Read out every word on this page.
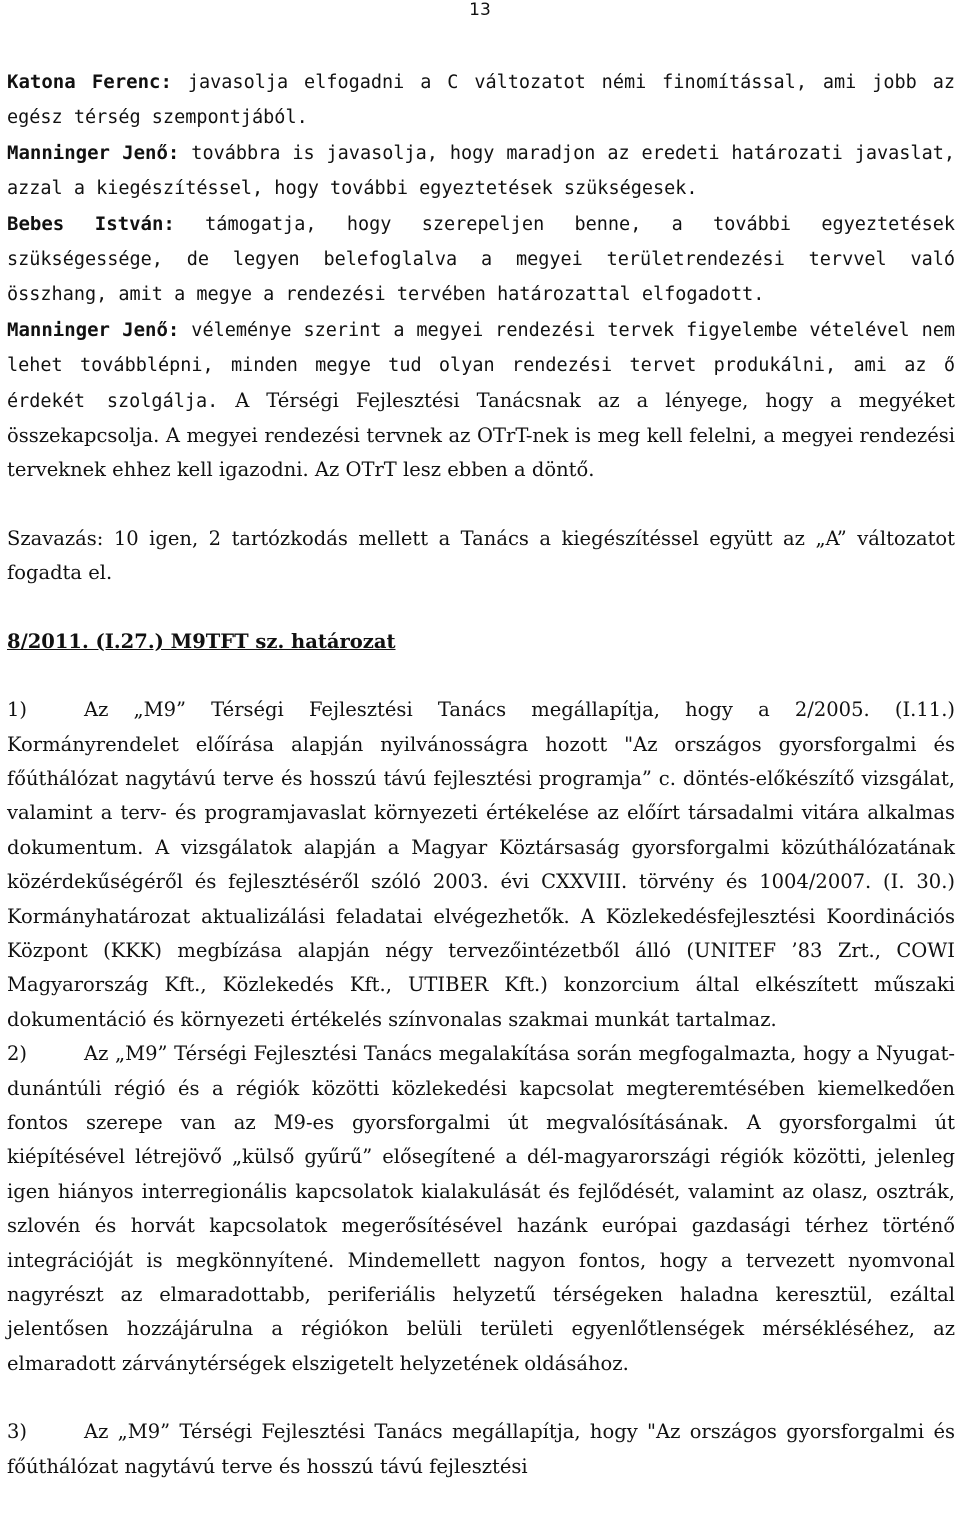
13

Katona Ferenc: javasolja elfogadni a C változatot némi finomítással, ami jobb az egész térség szempontjából.

Manninger Jenő: továbbra is javasolja, hogy maradjon az eredeti határozati javaslat, azzal a kiegészítéssel, hogy további egyeztetések szükségesek.

Bebes István: támogatja, hogy szerepeljen benne, a további egyeztetések szükségessége, de legyen belefoglalva a megyei területrendezési tervvel való összhang, amit a megye a rendezési tervében határozattal elfogadott.

Manninger Jenő: véleménye szerint a megyei rendezési tervek figyelembe vételével nem lehet továbblépni, minden megye tud olyan rendezési tervet produkálni, ami az ő érdekét szolgálja. A Térségi Fejlesztési Tanácsnak az a lényege, hogy a megyéket összekapcsolja. A megyei rendezési tervnek az OTrT-nek is meg kell felelni, a megyei rendezési terveknek ehhez kell igazodni. Az OTrT lesz ebben a döntő.

Szavazás: 10 igen, 2 tartózkodás mellett a Tanács a kiegészítéssel együtt az „A” változatot fogadta el.

8/2011. (I.27.) M9TFT sz. határozat

1)	Az „M9” Térségi Fejlesztési Tanács megállapítja, hogy a 2/2005. (I.11.) Kormányrendelet előírása alapján nyilvánosságra hozott "Az országos gyorsforgalmi és főúthálózat nagytávú terve és hosszú távú fejlesztési programja” c. döntés-előkészítő vizsgálat, valamint a terv- és programjavaslat környezeti értékelése az előírt társadalmi vitára alkalmas dokumentum. A vizsgálatok alapján a Magyar Köztársaság gyorsforgalmi közúthálózatának közérdekűségéről és fejlesztéséről szóló 2003. évi CXXVIII. törvény és 1004/2007. (I. 30.) Kormányhatározat aktualizálási feladatai elvégezhetők. A Közlekedésfejlesztési Koordinációs Központ (KKK) megbízása alapján négy tervezőintézetből álló (UNITEF ’83 Zrt., COWI Magyarország Kft., Közlekedés Kft., UTIBER Kft.) konzorcium által elkészített műszaki dokumentáció és környezeti értékelés színvonalas szakmai munkát tartalmaz.

2)	Az „M9” Térségi Fejlesztési Tanács megalakítása során megfogalmazta, hogy a Nyugat-dunántúli régió és a régiók közötti közlekedési kapcsolat megteremtésében kiemelkedően fontos szerepe van az M9-es gyorsforgalmi út megvalósításának. A gyorsforgalmi út kiépítésével létrejövő „külső gyűrű” elősegítené a dél-magyarországi régiók közötti, jelenleg igen hiányos interregionális kapcsolatok kialakulását és fejlődését, valamint az olasz, osztrák, szlovén és horvát kapcsolatok megerősítésével hazánk európai gazdasági térhez történő integrációját is megkönnyítené. Mindemellett nagyon fontos, hogy a tervezett nyomvonal nagyrészt az elmaradottabb, periferiális helyzetű térségeken haladna keresztül, ezáltal jelentősen hozzájárulna a régiókon belüli területi egyenlőtlenségek mérsékléséhez, az elmaradott zárványtérségek elszigetelt helyzetének oldásához.

3)	Az „M9” Térségi Fejlesztési Tanács megállapítja, hogy "Az országos gyorsforgalmi és főúthálózat nagytávú terve és hosszú távú fejlesztési
